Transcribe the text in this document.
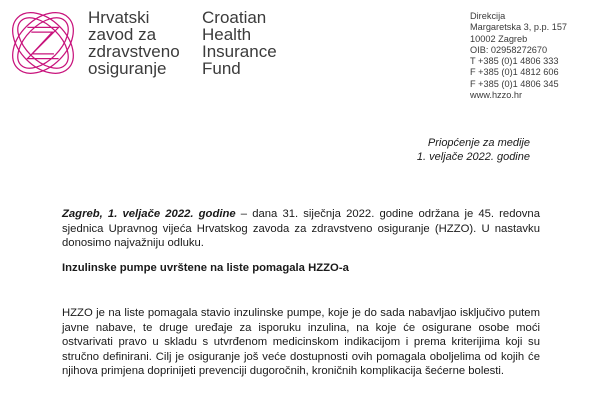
Hrvatski
zavod za
zdravstveno
osiguranje
Croatian
Health
Insurance
Fund
Direkcija
Margaretska 3, p.p. 157
10002 Zagreb
OIB: 02958272670
T +385 (0)1 4806 333
F +385 (0)1 4812 606
F +385 (0)1 4806 345
www.hzzo.hr
Priopćenje za medije
1. veljače 2022. godine

Zagreb, 1. veljače 2022. godine – dana 31. siječnja 2022. godine održana je 45. redovna sjednica Upravnog vijeća Hrvatskog zavoda za zdravstveno osiguranje (HZZO). U nastavku donosimo najvažniju odluku.

Inzulinske pumpe uvrštene na liste pomagala HZZO-a

HZZO je na liste pomagala stavio inzulinske pumpe, koje je do sada nabavljao isključivo putem javne nabave, te druge uređaje za isporuku inzulina, na koje će osigurane osobe moći ostvarivati pravo u skladu s utvrđenom medicinskom indikacijom i prema kriterijima koji su stručno definirani. Cilj je osiguranje još veće dostupnosti ovih pomagala oboljelima od kojih će njihova primjena doprinijeti prevenciji dugoročnih, kroničnih komplikacija šećerne bolesti.
